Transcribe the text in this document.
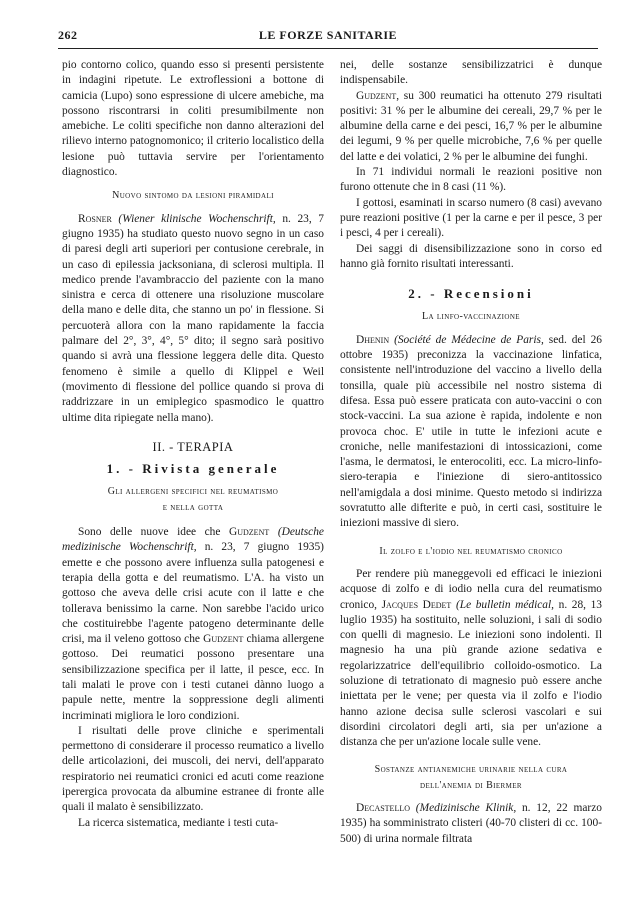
262	LE FORZE SANITARIE

pio contorno colico, quando esso si presenti persistente in indagini ripetute. Le extroflessioni a bottone di camicia (Lupo) sono espressione di ulcere amebiche, ma possono riscontrarsi in coliti presumibilmente non amebiche. Le coliti specifiche non danno alterazioni del rilievo interno patognomonico; il criterio localistico della lesione può tuttavia servire per l'orientamento diagnostico.

Nuovo sintomo da lesioni piramidali

Rosner (Wiener klinische Wochenschrift, n. 23, 7 giugno 1935) ha studiato questo nuovo segno in un caso di paresi degli arti superiori per contusione cerebrale, in un caso di epilessia jacksoniana, di sclerosi multipla. Il medico prende l'avambraccio del paziente con la mano sinistra e cerca di ottenere una risoluzione muscolare della mano e delle dita, che stanno un po' in flessione. Si percuoterà allora con la mano rapidamente la faccia palmare del 2°, 3°, 4°, 5° dito; il segno sarà positivo quando si avrà una flessione leggera delle dita. Questo fenomeno è simile a quello di Klippel e Weil (movimento di flessione del pollice quando si prova di raddrizzare in un emiplegico spasmodico le quattro ultime dita ripiegate nella mano).

II. - TERAPIA

1. - Rivista generale

Gli allergeni specifici nel reumatismo

e nella gotta

Sono delle nuove idee che Gudzent (Deutsche medizinische Wochenschrift, n. 23, 7 giugno 1935) emette e che possono avere influenza sulla patogenesi e terapia della gotta e del reumatismo. L'A. ha visto un gottoso che aveva delle crisi acute con il latte e che tollerava benissimo la carne. Non sarebbe l'acido urico che costituirebbe l'agente patogeno determinante delle crisi, ma il veleno gottoso che Gudzent chiama allergene gottoso. Dei reumatici possono presentare una sensibilizzazione specifica per il latte, il pesce, ecc. In tali malati le prove con i testi cutanei dànno luogo a papule nette, mentre la soppressione degli alimenti incriminati migliora le loro condizioni.

I risultati delle prove cliniche e sperimentali permettono di considerare il processo reumatico a livello delle articolazioni, dei muscoli, dei nervi, dell'apparato respiratorio nei reumatici cronici ed acuti come reazione iperergica provocata da albumine estranee di fronte alle quali il malato è sensibilizzato.

La ricerca sistematica, mediante i testi cuta-

nei, delle sostanze sensibilizzatrici è dunque indispensabile.

Gudzent, su 300 reumatici ha ottenuto 279 risultati positivi: 31 % per le albumine dei cereali, 29,7 % per le albumine della carne e dei pesci, 16,7 % per le albumine dei legumi, 9 % per quelle microbiche, 7,6 % per quelle del latte e dei volatici, 2 % per le albumine dei funghi.

In 71 individui normali le reazioni positive non furono ottenute che in 8 casi (11 %).

I gottosi, esaminati in scarso numero (8 casi) avevano pure reazioni positive (1 per la carne e per il pesce, 3 per i pesci, 4 per i cereali).

Dei saggi di disensibilizzazione sono in corso ed hanno già fornito risultati interessanti.

2. - Recensioni

La linfo-vaccinazione

Dhenin (Société de Médecine de Paris, sed. del 26 ottobre 1935) preconizza la vaccinazione linfatica, consistente nell'introduzione del vaccino a livello della tonsilla, quale più accessibile nel nostro sistema di difesa. Essa può essere praticata con auto-vaccini o con stock-vaccini. La sua azione è rapida, indolente e non provoca choc. E' utile in tutte le infezioni acute e croniche, nelle manifestazioni di intossicazioni, come l'asma, le dermatosi, le enterocoliti, ecc. La micro-linfo-siero-terapia e l'iniezione di siero-antitossico nell'amigdala a dosi minime. Questo metodo si indirizza sovratutto alle difterite e può, in certi casi, sostituire le iniezioni massive di siero.

Il zolfo e l'iodio nel reumatismo cronico

Per rendere più maneggevoli ed efficaci le iniezioni acquose di zolfo e di iodio nella cura del reumatismo cronico, Jacques Dedet (Le bulletin médical, n. 28, 13 luglio 1935) ha sostituito, nelle soluzioni, i sali di sodio con quelli di magnesio. Le iniezioni sono indolenti. Il magnesio ha una più grande azione sedativa e regolarizzatrice dell'equilibrio colloido-osmotico. La soluzione di tetrationato di magnesio può essere anche iniettata per le vene; per questa via il zolfo e l'iodio hanno azione decisa sulle sclerosi vascolari e sui disordini circolatori degli arti, sia per un'azione a distanza che per un'azione locale sulle vene.

Sostanze antianemiche urinarie nella cura

dell'anemia di Biermer

Decastello (Medizinische Klinik, n. 12, 22 marzo 1935) ha somministrato clisteri (40-70 clisteri di cc. 100-500) di urina normale filtrata
